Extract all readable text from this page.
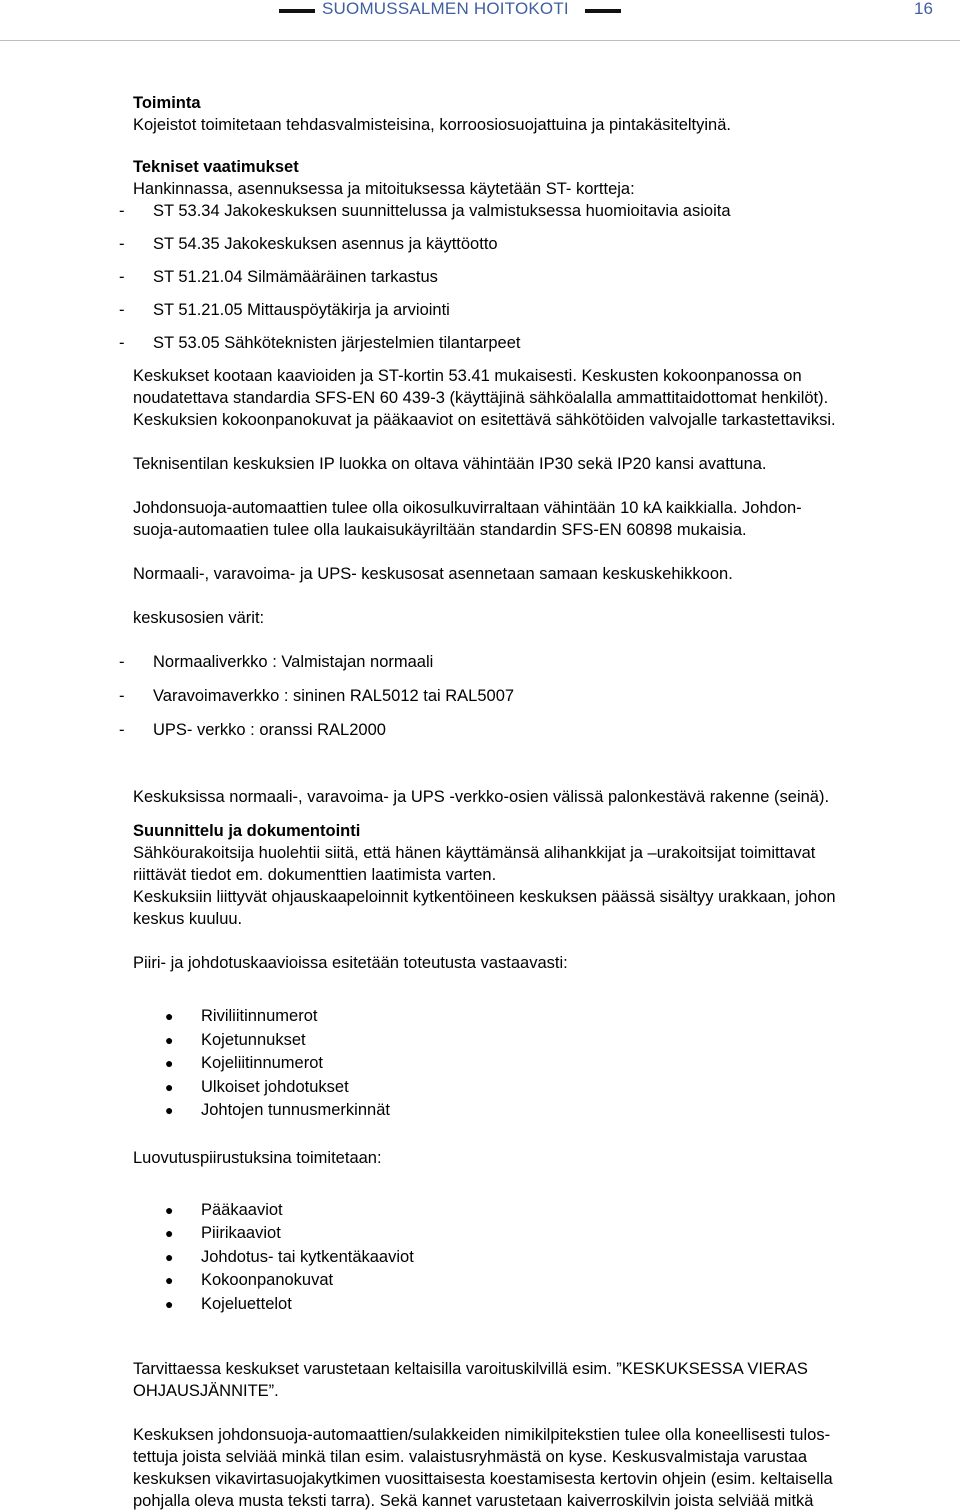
SUOMUSSALMEN HOITOKOTI	16

Toiminta

Kojeistot toimitetaan tehdasvalmisteisina, korroosiosuojattuina ja pintakäsiteltyinä.

Tekniset vaatimukset

Hankinnassa, asennuksessa ja mitoituksessa käytetään ST- kortteja:

-	ST 53.34 Jakokeskuksen suunnittelussa ja valmistuksessa huomioitavia asioita
-	ST 54.35 Jakokeskuksen asennus ja käyttöotto
-	ST 51.21.04 Silmämääräinen tarkastus
-	ST 51.21.05 Mittauspöytäkirja ja arviointi
-	ST 53.05 Sähköteknisten järjestelmien tilantarpeet

Keskukset kootaan kaavioiden ja ST-kortin 53.41 mukaisesti. Keskusten kokoonpanossa on

noudatettava standardia SFS-EN 60 439-3 (käyttäjinä sähköalalla ammattitaidottomat henkilöt).

Keskuksien kokoonpanokuvat ja pääkaaviot on esitettävä sähkötöiden valvojalle tarkastettaviksi.

Teknisentilan keskuksien IP luokka on oltava vähintään IP30 sekä IP20 kansi avattuna.

Johdonsuoja-automaattien tulee olla oikosulkuvirraltaan vähintään 10 kA kaikkialla. Johdon-

suoja-automaatien tulee olla laukaisukäyriltään standardin SFS-EN 60898 mukaisia.

Normaali-, varavoima- ja UPS- keskusosat asennetaan samaan keskuskehikkoon.

keskusosien värit:

-	Normaaliverkko : Valmistajan normaali
-	Varavoimaverkko : sininen RAL5012 tai RAL5007
-	UPS- verkko : oranssi RAL2000

Keskuksissa normaali-, varavoima- ja UPS -verkko-osien välissä palonkestävä rakenne (seinä).

Suunnittelu ja dokumentointi

Sähköurakoitsija huolehtii siitä, että hänen käyttämänsä alihankkijat ja –urakoitsijat toimittavat

riittävät tiedot em. dokumenttien laatimista varten.

Keskuksiin liittyvät ohjauskaapeloinnit kytkentöineen keskuksen päässä sisältyy urakkaan, johon

keskus kuuluu.

Piiri- ja johdotuskaavioissa esitetään toteutusta vastaavasti:

● Riviliitinnumerot
● Kojetunnukset
● Kojeliitinnumerot
● Ulkoiset johdotukset
● Johtojen tunnusmerkinnät

Luovutuspiirustuksina toimitetaan:

● Pääkaaviot
● Piirikaaviot
● Johdotus- tai kytkentäkaaviot
● Kokoonpanokuvat
● Kojeluettelot

Tarvittaessa keskukset varustetaan keltaisilla varoituskilvillä esim. ”KESKUKSESSA VIERAS

OHJAUSJÄNNITE”.

Keskuksen johdonsuoja-automaattien/sulakkeiden nimikilpitekstien tulee olla koneellisesti tulos-

tettuja joista selviää minkä tilan esim. valaistusryhmästä on kyse. Keskusvalmistaja varustaa

keskuksen vikavirtasuojakytkimen vuosittaisesta koestamisesta kertovin ohjein (esim. keltaisella

pohjalla oleva musta teksti tarra). Sekä kannet varustetaan kaiverroskilvin joista selviää mitkä
